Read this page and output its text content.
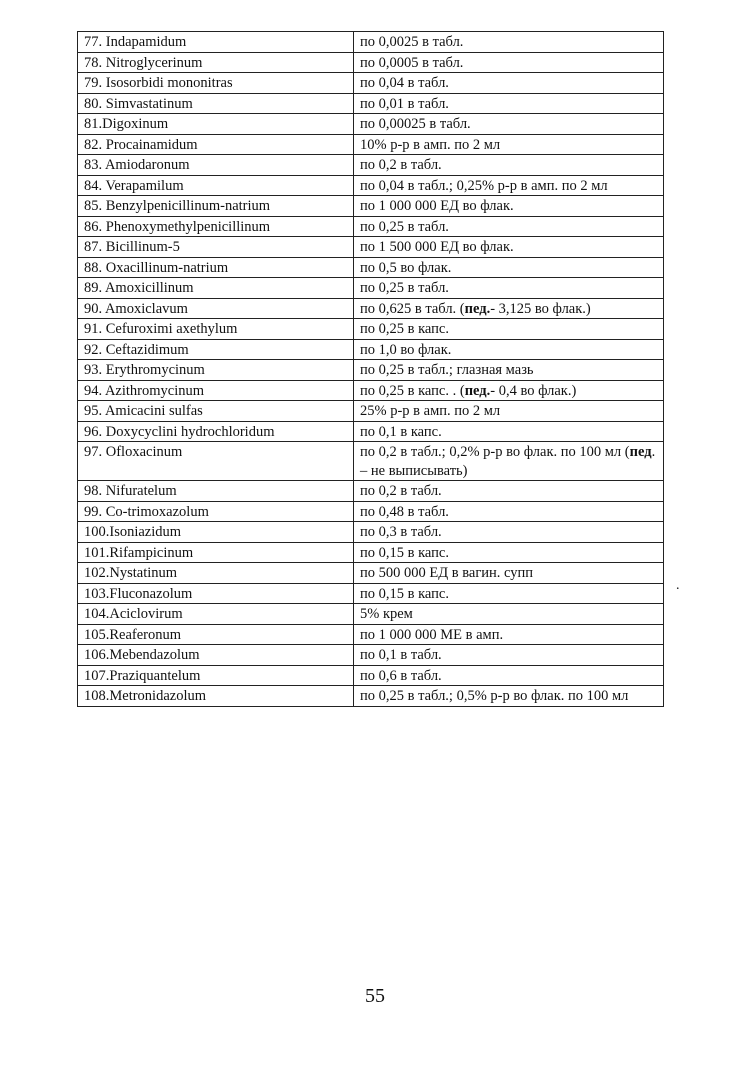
77. Indapamidum	по 0,0025 в табл.
78. Nitroglycerinum	по 0,0005 в табл.
79. Isosorbidi mononitras	по 0,04 в табл.
80. Simvastatinum	по 0,01 в табл.
81.Digoxinum	по 0,00025 в табл.
82. Procainamidum	10% р-р в амп. по 2 мл
83. Amiodaronum	по 0,2 в табл.
84. Verapamilum	по 0,04 в табл.; 0,25% р-р в амп. по 2 мл
85. Benzylpenicillinum-natrium	по 1 000 000 ЕД во флак.
86. Phenoxymethylpenicillinum	по 0,25 в табл.
87. Bicillinum-5	по 1 500 000 ЕД во флак.
88. Oxacillinum-natrium	по 0,5 во флак.
89. Amoxicillinum	по 0,25 в табл.
90. Amoxiclavum	по 0,625 в табл. (пед.- 3,125 во флак.)
91. Cefuroximi axethylum	по 0,25 в капс.
92. Ceftazidimum	по 1,0 во флак.
93. Erythromycinum	по 0,25 в табл.; глазная мазь
94. Azithromycinum	по 0,25 в капс. . (пед.- 0,4 во флак.)
95. Amicacini sulfas	25% р-р в амп. по 2 мл
96. Doxycyclini hydrochloridum	по 0,1 в капс.
97. Ofloxacinum	по 0,2 в табл.; 0,2% р-р во флак. по 100 мл (пед. – не выписывать)
98. Nifuratelum	по 0,2 в табл.
99. Co-trimoxazolum	по 0,48 в табл.
100.Isoniazidum	по 0,3 в табл.
101.Rifampicinum	по 0,15 в капс.
102.Nystatinum	по 500 000 ЕД в вагин. супп
103.Fluconazolum	по 0,15 в капс.
104.Aciclovirum	5% крем
105.Reaferonum	по 1 000 000 МЕ в амп.
106.Mebendazolum	по 0,1 в табл.
107.Praziquantelum	по 0,6 в табл.
108.Metronidazolum	по 0,25 в табл.; 0,5% р-р во флак. по 100 мл
.
55
